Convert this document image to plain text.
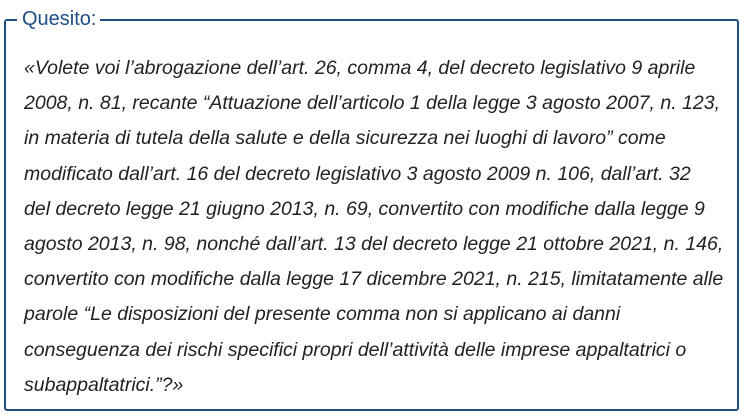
Quesito:

«Volete voi l’abrogazione dell’art. 26, comma 4, del decreto legislativo 9 aprile
2008, n. 81, recante “Attuazione dell’articolo 1 della legge 3 agosto 2007, n. 123,
in materia di tutela della salute e della sicurezza nei luoghi di lavoro” come
modificato dall’art. 16 del decreto legislativo 3 agosto 2009 n. 106, dall’art. 32
del decreto legge 21 giugno 2013, n. 69, convertito con modifiche dalla legge 9
agosto 2013, n. 98, nonché dall’art. 13 del decreto legge 21 ottobre 2021, n. 146,
convertito con modifiche dalla legge 17 dicembre 2021, n. 215, limitatamente alle
parole “Le disposizioni del presente comma non si applicano ai danni
conseguenza dei rischi specifici propri dell’attività delle imprese appaltatrici o
subappaltatrici.”?»
